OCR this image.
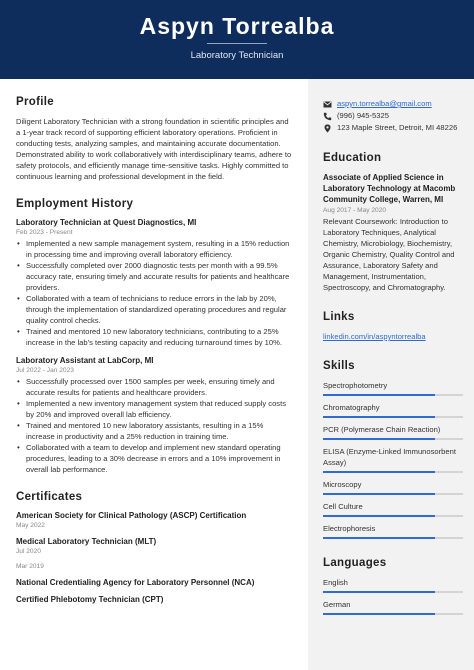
Aspyn Torrealba
Laboratory Technician
Profile
Diligent Laboratory Technician with a strong foundation in scientific principles and a 1-year track record of supporting efficient laboratory operations. Proficient in conducting tests, analyzing samples, and maintaining accurate documentation. Demonstrated ability to work collaboratively with interdisciplinary teams, adhere to safety protocols, and efficiently manage time-sensitive tasks. Highly committed to continuous learning and professional development in the field.
Employment History
Laboratory Technician at Quest Diagnostics, MI
Feb 2023 - Present
• Implemented a new sample management system, resulting in a 15% reduction in processing time and improving overall laboratory efficiency.
• Successfully completed over 2000 diagnostic tests per month with a 99.5% accuracy rate, ensuring timely and accurate results for patients and healthcare providers.
• Collaborated with a team of technicians to reduce errors in the lab by 20%, through the implementation of standardized operating procedures and regular quality control checks.
• Trained and mentored 10 new laboratory technicians, contributing to a 25% increase in the lab's testing capacity and reducing turnaround times by 10%.
Laboratory Assistant at LabCorp, MI
Jul 2022 - Jan 2023
• Successfully processed over 1500 samples per week, ensuring timely and accurate results for patients and healthcare providers.
• Implemented a new inventory management system that reduced supply costs by 20% and improved overall lab efficiency.
• Trained and mentored 10 new laboratory assistants, resulting in a 15% increase in productivity and a 25% reduction in training time.
• Collaborated with a team to develop and implement new standard operating procedures, leading to a 30% decrease in errors and a 10% improvement in overall lab performance.
Certificates
American Society for Clinical Pathology (ASCP) Certification
May 2022
Medical Laboratory Technician (MLT)
Jul 2020
Mar 2019
National Credentialing Agency for Laboratory Personnel (NCA)
Certified Phlebotomy Technician (CPT)
aspyn.torrealba@gmail.com
(996) 945-5325
123 Maple Street, Detroit, MI 48226
Education
Associate of Applied Science in Laboratory Technology at Macomb Community College, Warren, MI
Aug 2017 - May 2020
Relevant Coursework: Introduction to Laboratory Techniques, Analytical Chemistry, Microbiology, Biochemistry, Organic Chemistry, Quality Control and Assurance, Laboratory Safety and Management, Instrumentation, Spectroscopy, and Chromatography.
Links
linkedin.com/in/aspyntorrealba
Skills
Spectrophotometry
Chromatography
PCR (Polymerase Chain Reaction)
ELISA (Enzyme-Linked Immunosorbent Assay)
Microscopy
Cell Culture
Electrophoresis
Languages
English
German
